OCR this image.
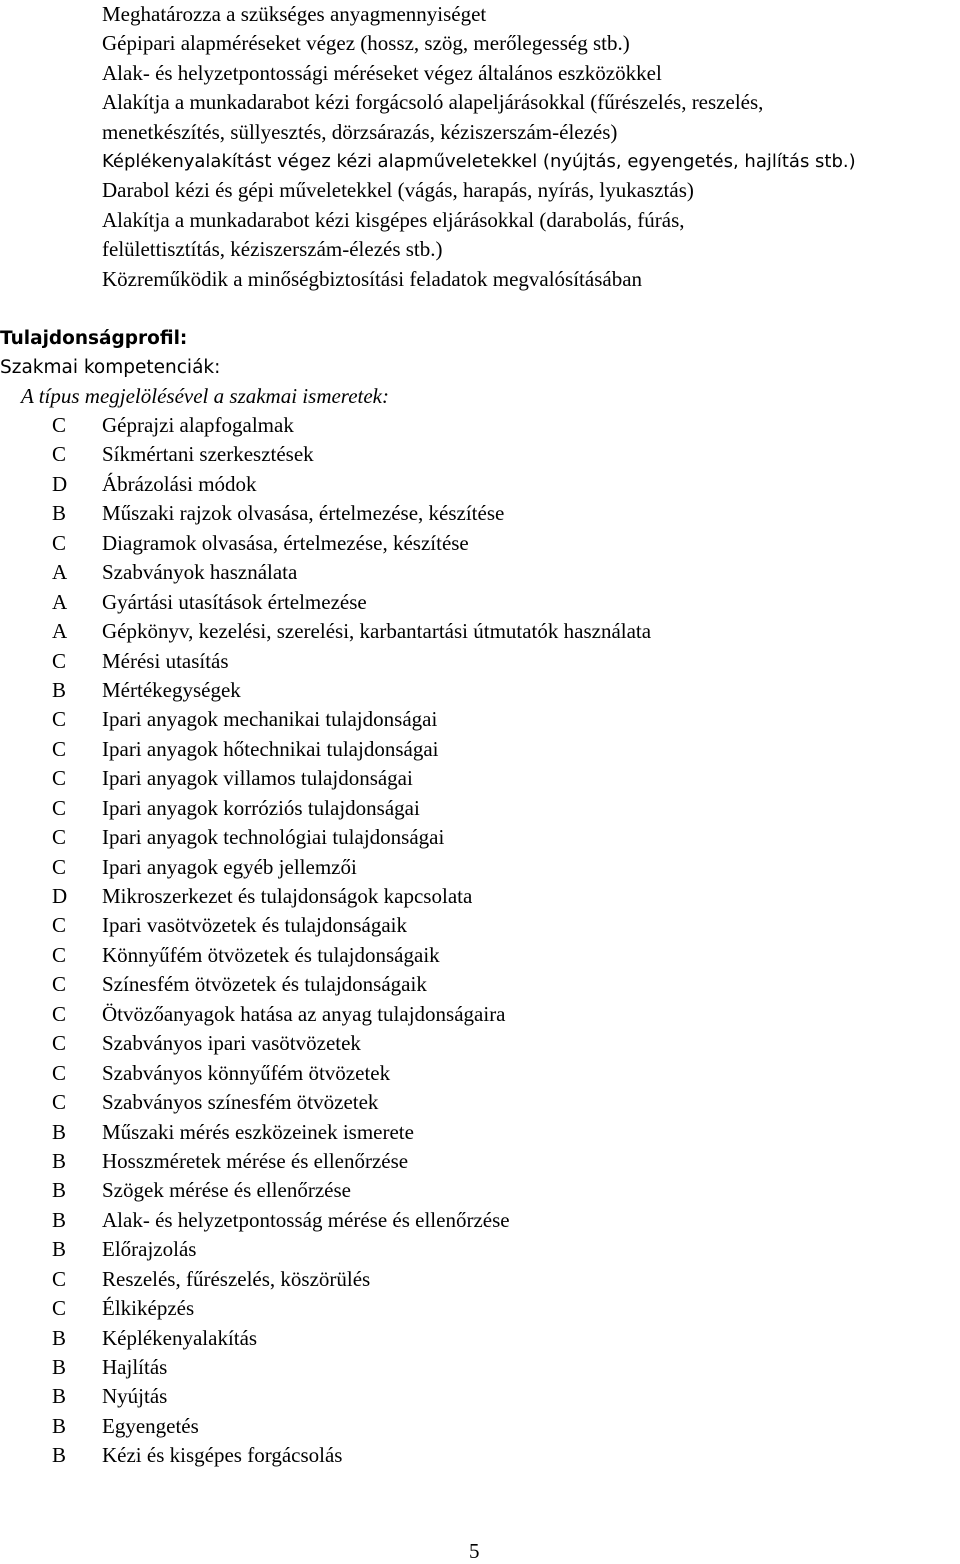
Meghatározza a szükséges anyagmennyiséget
Gépipari alapméréseket végez (hossz, szög, merőlegesség stb.)
Alak- és helyzetpontossági méréseket végez általános eszközökkel
Alakítja a munkadarabot kézi forgácsoló alapeljárásokkal (fűrészelés, reszelés,
menetkészítés, süllyesztés, dörzsárazás, kéziszerszám-élezés)
Képlékenyalakítást végez kézi alapműveletekkel (nyújtás, egyengetés, hajlítás stb.)
Darabol kézi és gépi műveletekkel (vágás, harapás, nyírás, lyukasztás)
Alakítja a munkadarabot kézi kisgépes eljárásokkal (darabolás, fúrás,
felülettisztítás, kéziszerszám-élezés stb.)
Közreműködik a minőségbiztosítási feladatok megvalósításában

Tulajdonságprofil:

Szakmai kompetenciák:

A típus megjelölésével a szakmai ismeretek:

C Géprajzi alapfogalmak
C Síkmértani szerkesztések
D Ábrázolási módok
B Műszaki rajzok olvasása, értelmezése, készítése
C Diagramok olvasása, értelmezése, készítése
A Szabványok használata
A Gyártási utasítások értelmezése
A Gépkönyv, kezelési, szerelési, karbantartási útmutatók használata
C Mérési utasítás
B Mértékegységek
C Ipari anyagok mechanikai tulajdonságai
C Ipari anyagok hőtechnikai tulajdonságai
C Ipari anyagok villamos tulajdonságai
C Ipari anyagok korróziós tulajdonságai
C Ipari anyagok technológiai tulajdonságai
C Ipari anyagok egyéb jellemzői
D Mikroszerkezet és tulajdonságok kapcsolata
C Ipari vasötvözetek és tulajdonságaik
C Könnyűfém ötvözetek és tulajdonságaik
C Színesfém ötvözetek és tulajdonságaik
C Ötvözőanyagok hatása az anyag tulajdonságaira
C Szabványos ipari vasötvözetek
C Szabványos könnyűfém ötvözetek
C Szabványos színesfém ötvözetek
B Műszaki mérés eszközeinek ismerete
B Hosszméretek mérése és ellenőrzése
B Szögek mérése és ellenőrzése
B Alak- és helyzetpontosság mérése és ellenőrzése
B Előrajzolás
C Reszelés, fűrészelés, köszörülés
C Élkiképzés
B Képlékenyalakítás
B Hajlítás
B Nyújtás
B Egyengetés
B Kézi és kisgépes forgácsolás

5
